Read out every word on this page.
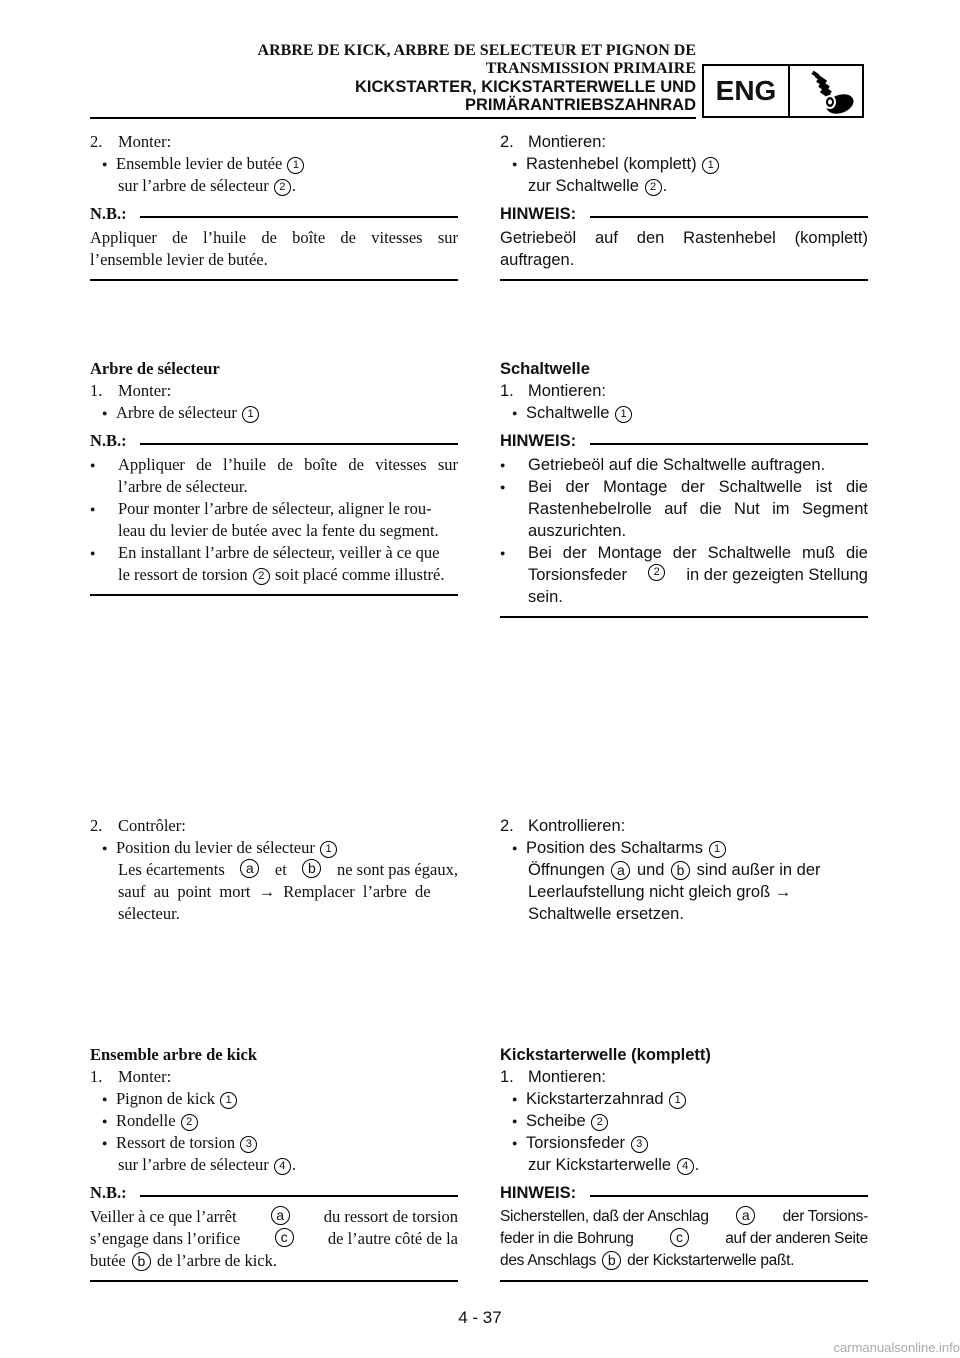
ARBRE DE KICK, ARBRE DE SELECTEUR ET PIGNON DE
TRANSMISSION PRIMAIRE
KICKSTARTER, KICKSTARTERWELLE UND
PRIMÄRANTRIEBSZAHNRAD ENG
2. Monter:
● Ensemble levier de butée 1
sur l’arbre de sélecteur 2 .
N.B.:
Appliquer de l’huile de boîte de vitesses sur
l’ensemble levier de butée.
Arbre de sélecteur
1. Monter:
● Arbre de sélecteur 1
N.B.:
● Appliquer de l’huile de boîte de vitesses sur
l’arbre de sélecteur.
● Pour monter l’arbre de sélecteur, aligner le rou-
leau du levier de butée avec la fente du segment.
● En installant l’arbre de sélecteur, veiller à ce que
le ressort de torsion 2 soit placé comme illustré.
2. Contrôler:
● Position du levier de sélecteur 1
Les écartements	a	et	b	ne sont pas égaux,
sauf au point mort → Remplacer l’arbre de
sélecteur.
Ensemble arbre de kick
1. Monter:
● Pignon de kick 1
● Rondelle 2
● Ressort de torsion 3
sur l’arbre de sélecteur 4 .
N.B.:
Veiller à ce que l’arrêt	a	du ressort de torsion
s’engage dans l’orifice	c	de l’autre côté de la
butée b de l’arbre de kick.
2. Montieren:
● Rastenhebel (komplett) 1
zur Schaltwelle 2 .
HINWEIS:
Getriebeöl auf den Rastenhebel (komplett)
auftragen.
Schaltwelle
1. Montieren:
● Schaltwelle 1
HINWEIS:
● Getriebeöl auf die Schaltwelle auftragen.
● Bei der Montage der Schaltwelle ist die
Rastenhebelrolle auf die Nut im Segment
auszurichten.
● Bei der Montage der Schaltwelle muß die
Torsionsfeder	2	in der gezeigten Stellung
sein.
2. Kontrollieren:
● Position des Schaltarms 1
Öffnungen a und b sind außer in der
Leerlaufstellung nicht gleich groß →
Schaltwelle ersetzen.
Kickstarterwelle (komplett)
1. Montieren:
● Kickstarterzahnrad 1
● Scheibe 2
● Torsionsfeder 3
zur Kickstarterwelle 4 .
HINWEIS:
Sicherstellen, daß der Anschlag	a	der Torsions-
feder in die Bohrung	c	auf der anderen Seite
des Anschlags b der Kickstarterwelle paßt.
4 - 37
carmanualsonline.info
